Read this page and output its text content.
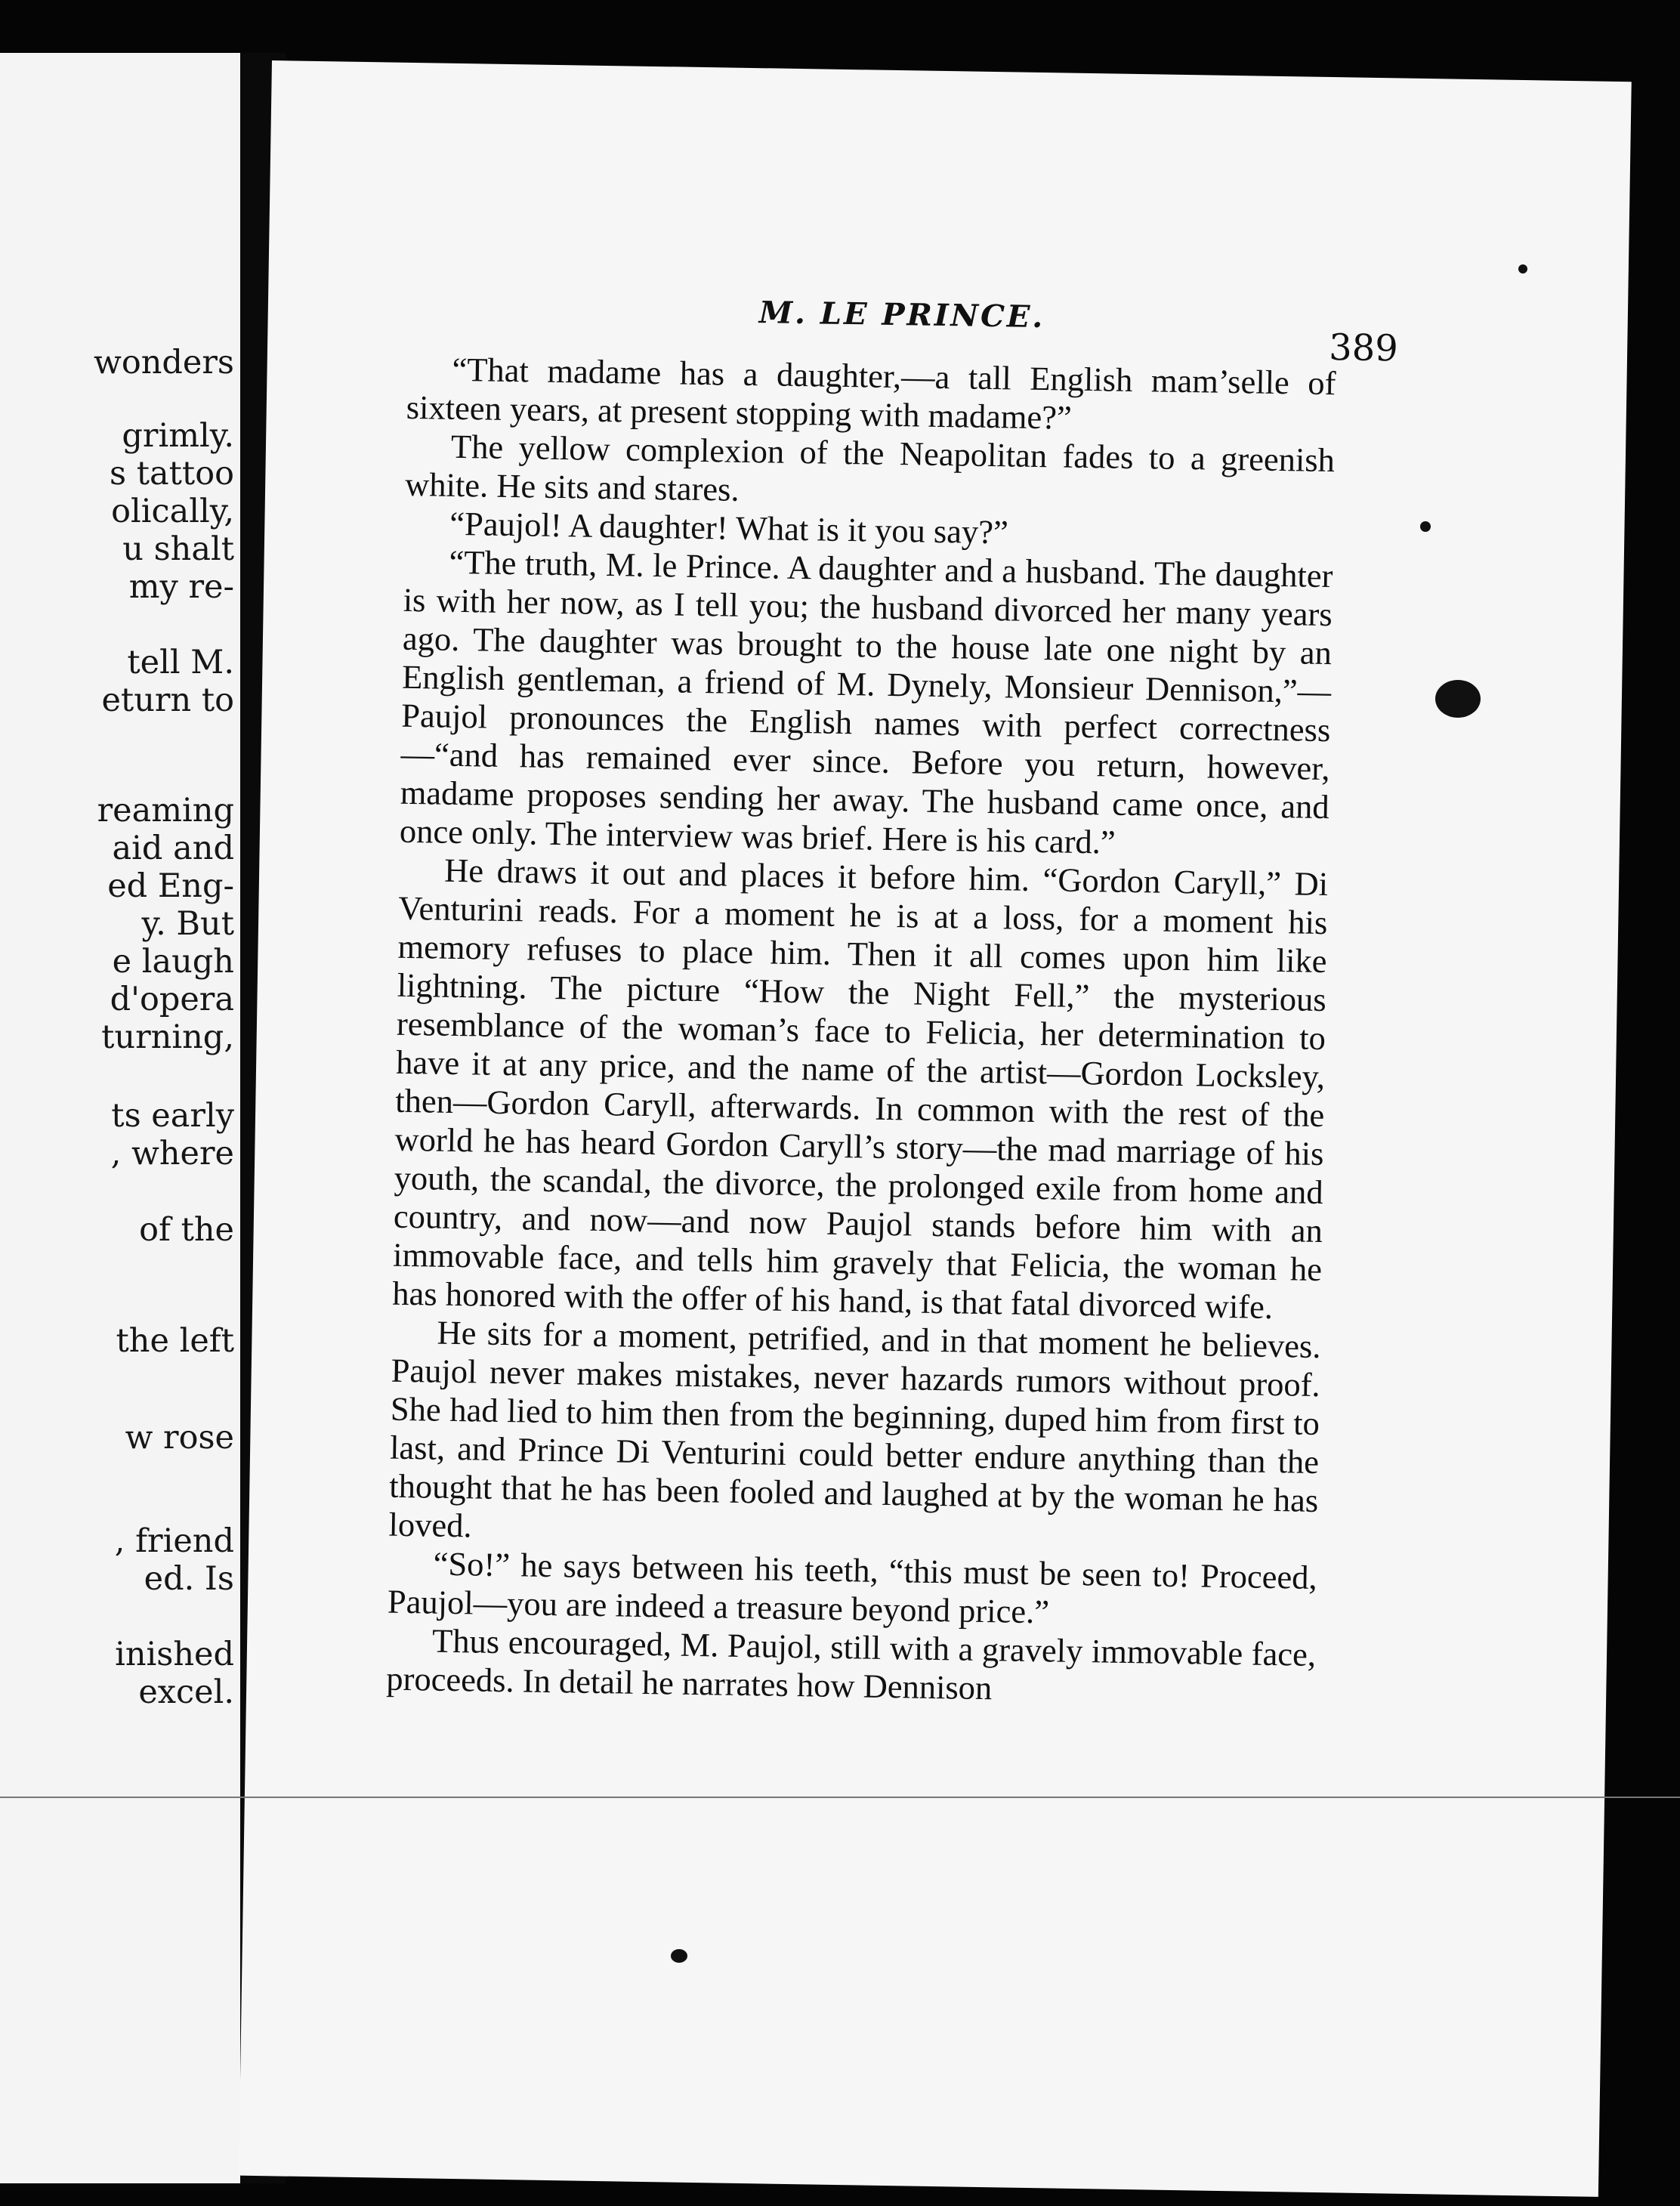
wonders
grimly.
s tattoo
olically,
u shalt
my re-
tell M.
eturn to
reaming
aid and
ed Eng-
y. But
e laugh
d'opera
turning,
ts early
, where
of the
the left
w rose
, friend
ed. Is
inished
excel.
M. LE PRINCE.
389

“That madame has a daughter,—a tall English mam’selle of sixteen years, at present stopping with madame?”

The yellow complexion of the Neapolitan fades to a greenish white. He sits and stares.

“Paujol! A daughter! What is it you say?”

“The truth, M. le Prince. A daughter and a husband. The daughter is with her now, as I tell you; the husband divorced her many years ago. The daughter was brought to the house late one night by an English gentleman, a friend of M. Dynely, Monsieur Dennison,”—Paujol pronounces the English names with perfect correctness—“and has remained ever since. Before you return, however, madame proposes sending her away. The husband came once, and once only. The interview was brief. Here is his card.”

He draws it out and places it before him. “Gordon Caryll,” Di Venturini reads. For a moment he is at a loss, for a moment his memory refuses to place him. Then it all comes upon him like lightning. The picture “How the Night Fell,” the mysterious resemblance of the woman’s face to Felicia, her determination to have it at any price, and the name of the artist—Gordon Locksley, then—Gordon Caryll, afterwards. In common with the rest of the world he has heard Gordon Caryll’s story—the mad marriage of his youth, the scandal, the divorce, the prolonged exile from home and country, and now—and now Paujol stands before him with an immovable face, and tells him gravely that Felicia, the woman he has honored with the offer of his hand, is that fatal divorced wife.

He sits for a moment, petrified, and in that moment he believes. Paujol never makes mistakes, never hazards rumors without proof. She had lied to him then from the beginning, duped him from first to last, and Prince Di Venturini could better endure anything than the thought that he has been fooled and laughed at by the woman he has loved.

“So!” he says between his teeth, “this must be seen to! Proceed, Paujol—you are indeed a treasure beyond price.”

Thus encouraged, M. Paujol, still with a gravely immovable face, proceeds. In detail he narrates how Dennison
